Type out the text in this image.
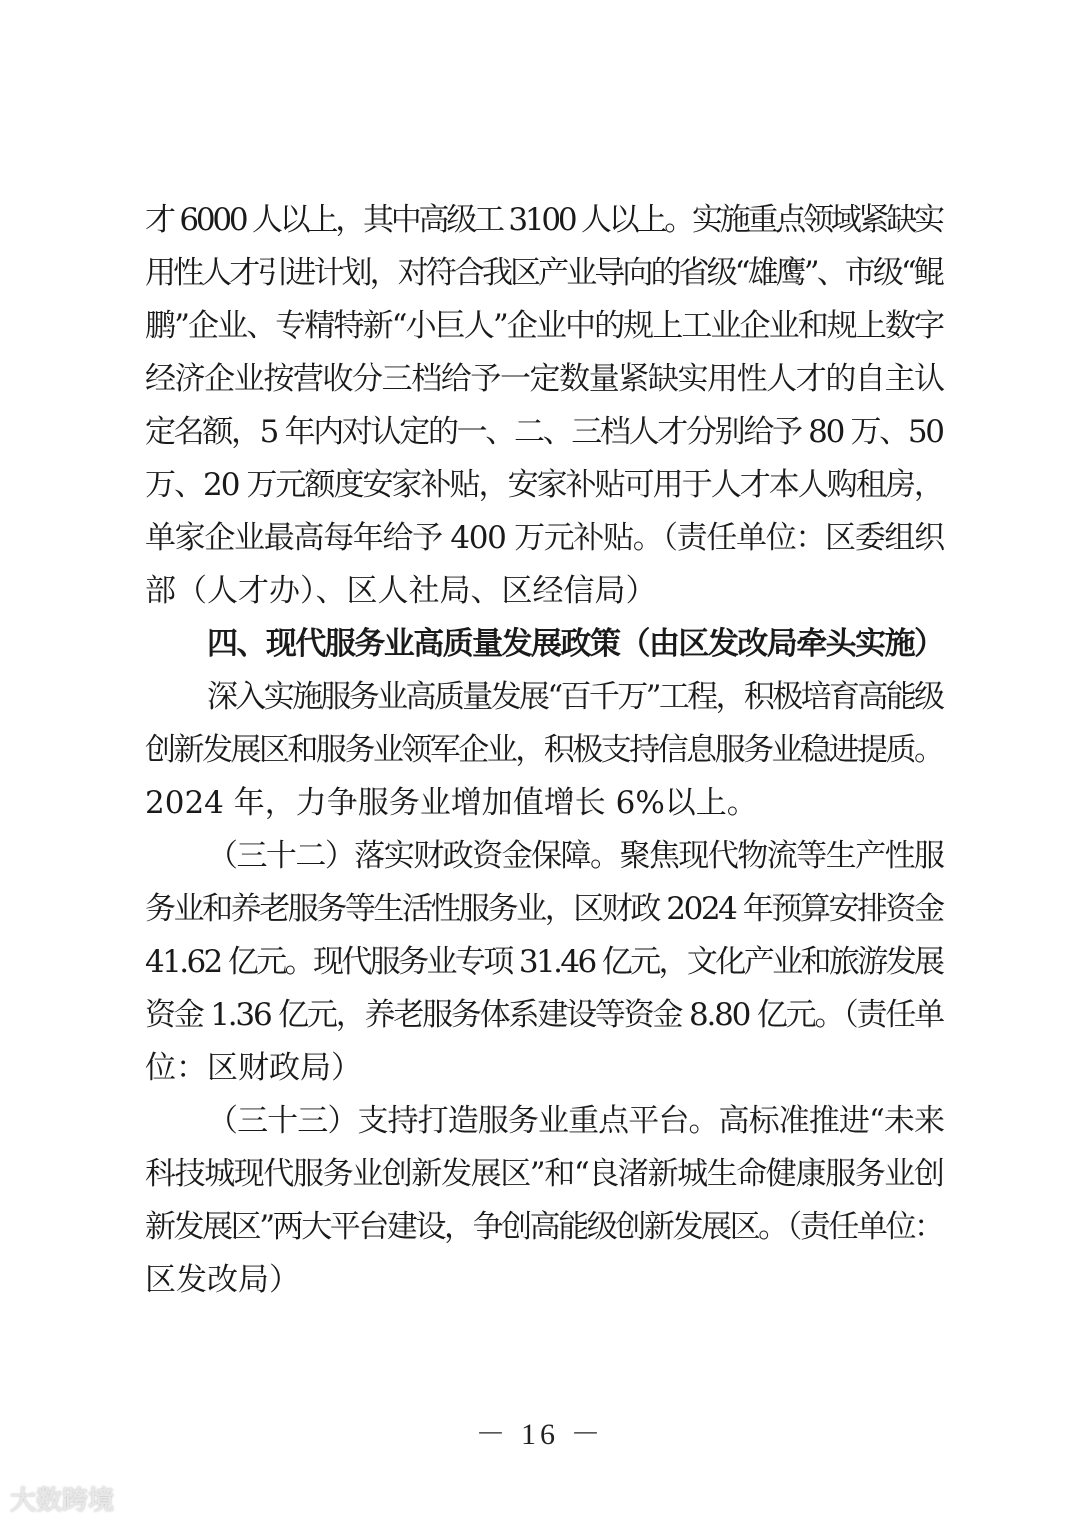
才 6000 人以上，其中高级工 3100 人以上。实施重点领域紧缺实
用性人才引进计划，对符合我区产业导向的省级“雄鹰”、市级“鲲
鹏”企业、专精特新“小巨人”企业中的规上工业企业和规上数字
经济企业按营收分三档给予一定数量紧缺实用性人才的自主认
定名额，5 年内对认定的一、二、三档人才分别给予 80 万、50
万、20 万元额度安家补贴，安家补贴可用于人才本人购租房，
单家企业最高每年给予 400 万元补贴。（责任单位：区委组织
部（人才办）、区人社局、区经信局）
四、现代服务业高质量发展政策（由区发改局牵头实施）
深入实施服务业高质量发展“百千万”工程，积极培育高能级
创新发展区和服务业领军企业，积极支持信息服务业稳进提质。
2024 年，力争服务业增加值增长 6%以上。
（三十二）落实财政资金保障。聚焦现代物流等生产性服
务业和养老服务等生活性服务业，区财政 2024 年预算安排资金
41.62 亿元。现代服务业专项 31.46 亿元，文化产业和旅游发展
资金 1.36 亿元，养老服务体系建设等资金 8.80 亿元。（责任单
位：区财政局）
（三十三）支持打造服务业重点平台。高标准推进“未来
科技城现代服务业创新发展区”和“良渚新城生命健康服务业创
新发展区”两大平台建设，争创高能级创新发展区。（责任单位：
区发改局）
－ 16 －
大数跨境
